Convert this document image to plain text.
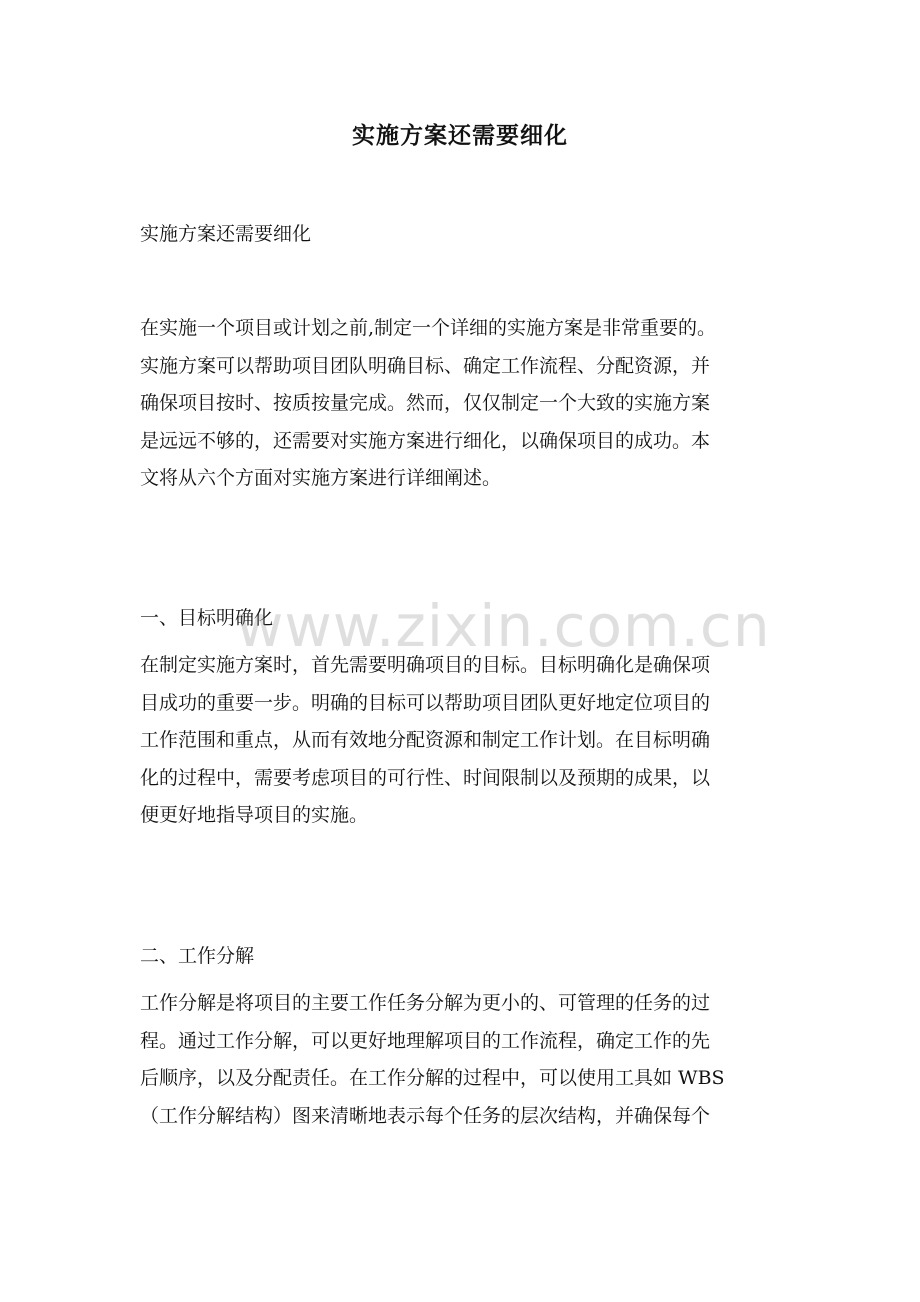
实施方案还需要细化
实施方案还需要细化
在实施一个项目或计划之前,制定一个详细的实施方案是非常重要的。
实施方案可以帮助项目团队明确目标、确定工作流程、分配资源，并
确保项目按时、按质按量完成。然而，仅仅制定一个大致的实施方案
是远远不够的，还需要对实施方案进行细化，以确保项目的成功。本
文将从六个方面对实施方案进行详细阐述。
一、目标明确化
在制定实施方案时，首先需要明确项目的目标。目标明确化是确保项
目成功的重要一步。明确的目标可以帮助项目团队更好地定位项目的
工作范围和重点，从而有效地分配资源和制定工作计划。在目标明确
化的过程中，需要考虑项目的可行性、时间限制以及预期的成果，以
便更好地指导项目的实施。
二、工作分解
工作分解是将项目的主要工作任务分解为更小的、可管理的任务的过
程。通过工作分解，可以更好地理解项目的工作流程，确定工作的先
后顺序，以及分配责任。在工作分解的过程中，可以使用工具如 WBS
（工作分解结构）图来清晰地表示每个任务的层次结构，并确保每个
www.zixin.com.cn
